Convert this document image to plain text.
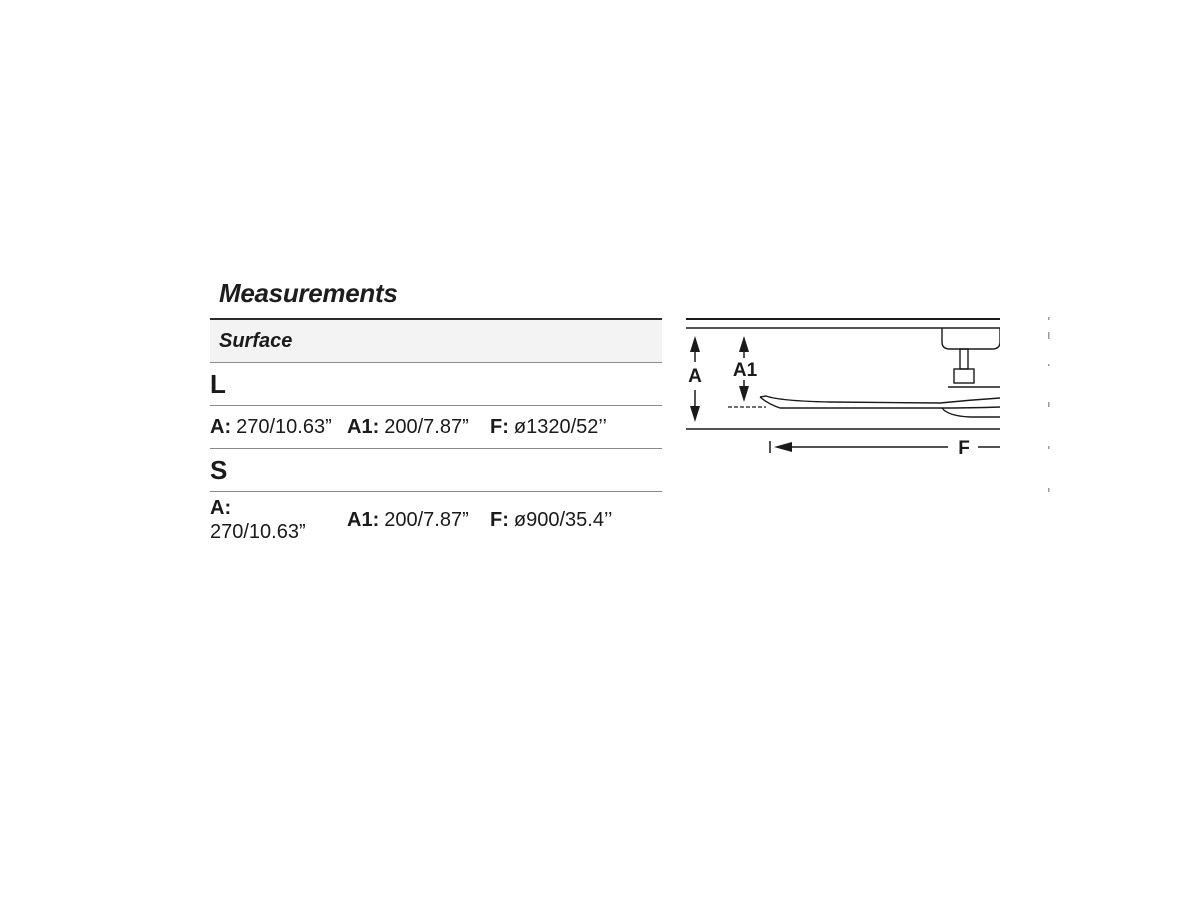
Measurements
Surface
L
A: 270/10.63” A1: 200/7.87” F: ø1320/52’’
S
A:
270/10.63”
A1: 200/7.87” F: ø900/35.4’’
A A1
F
